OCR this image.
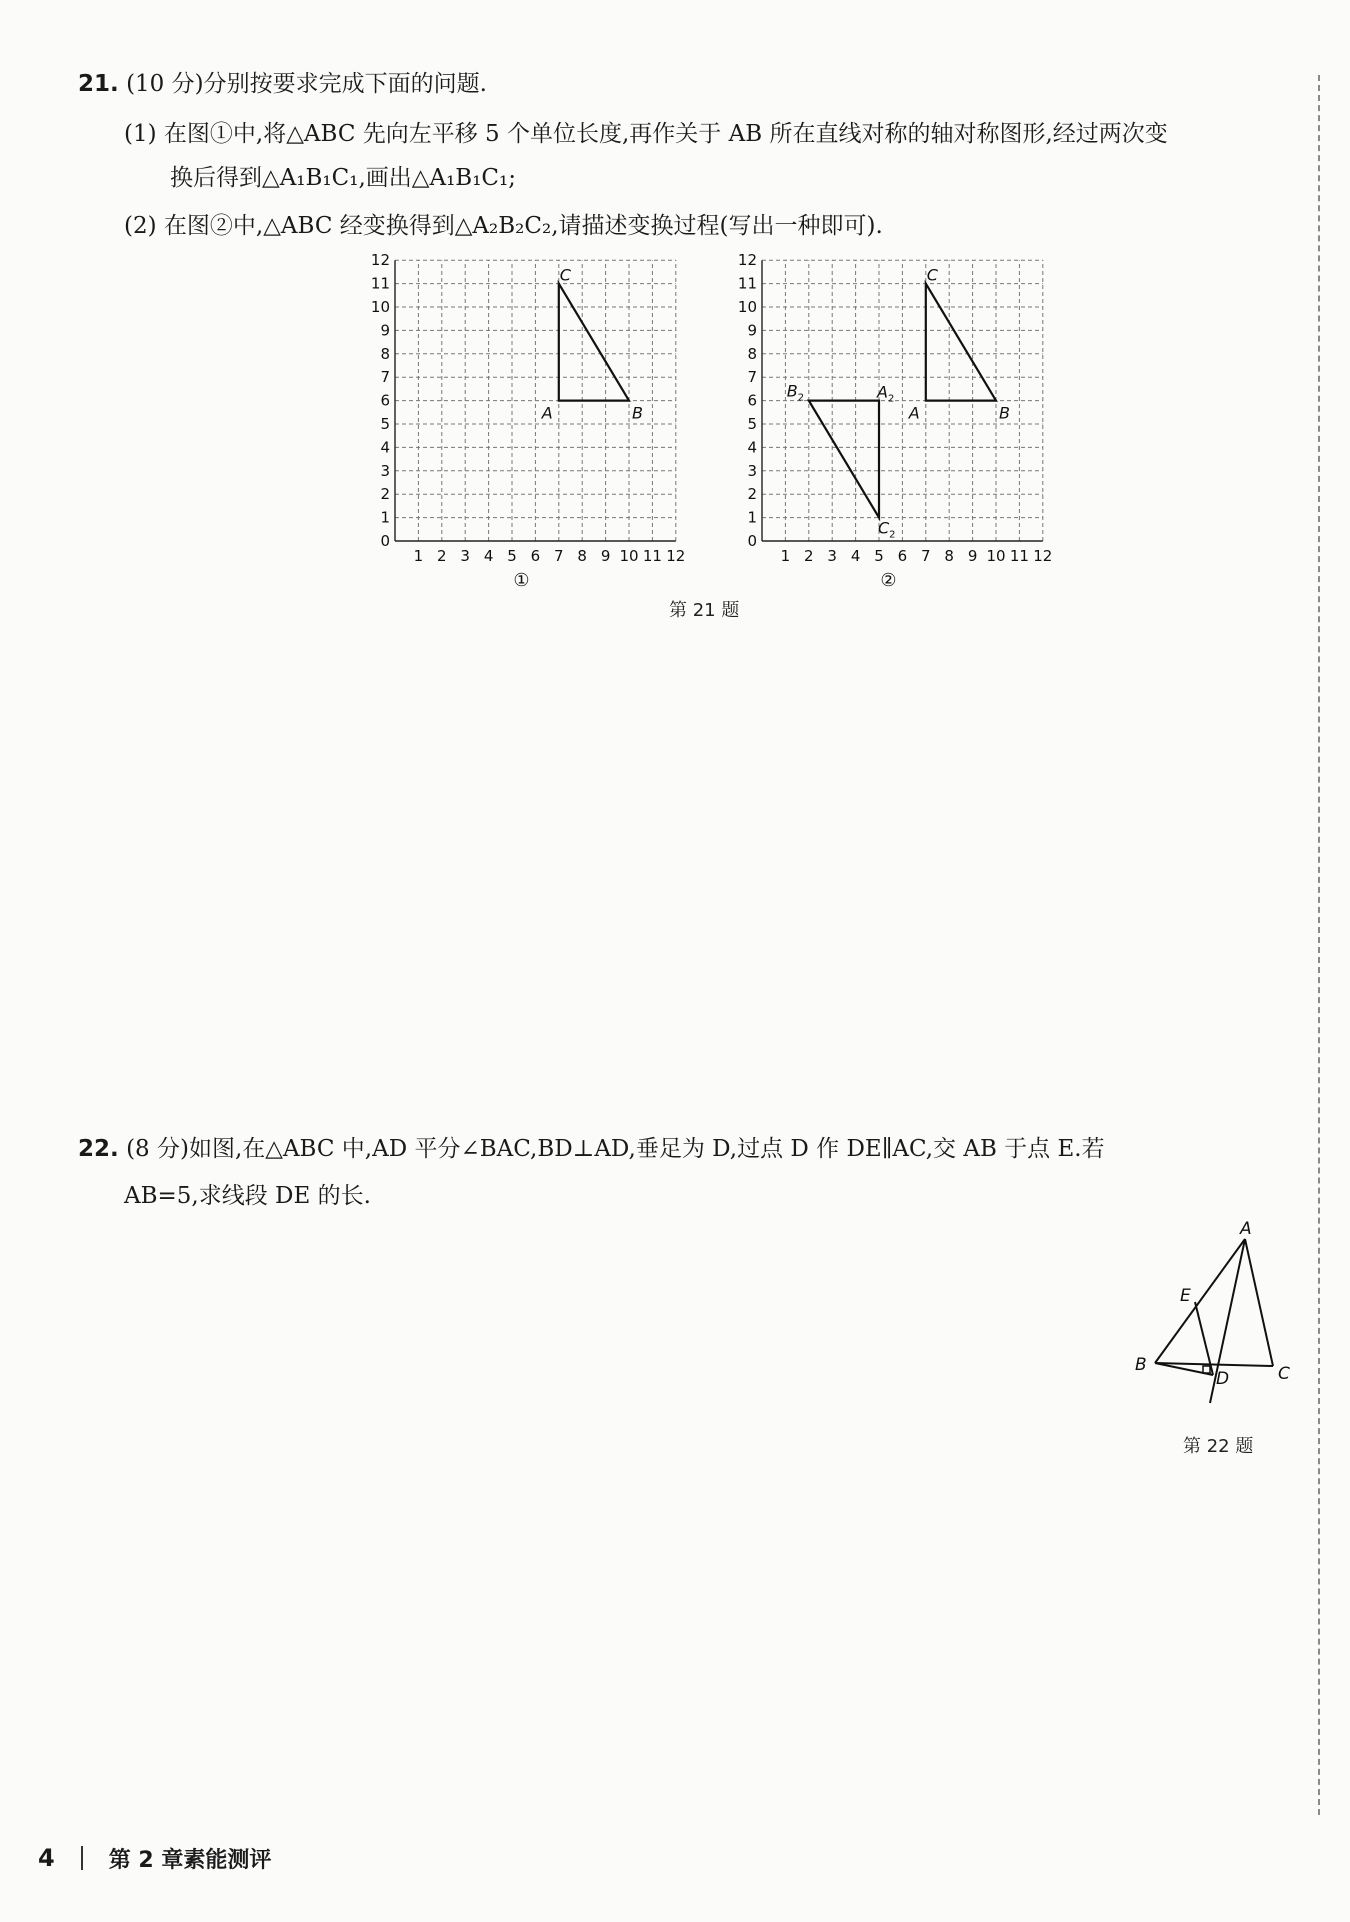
21. (10 分)分别按要求完成下面的问题.
(1) 在图①中,将△ABC 先向左平移 5 个单位长度,再作关于 AB 所在直线对称的轴对称图形,经过两次变
换后得到△A₁B₁C₁,画出△A₁B₁C₁;
(2) 在图②中,△ABC 经变换得到△A₂B₂C₂,请描述变换过程(写出一种即可).
1 2 3 4 5 6 7 8 9 10 11 12
0
1
2
3
4
5
6
7
8
9
10
11
12
A	B
C
①
1 2 3 4 5 6 7 8 9 10 11 12
0
1
2
3
4
5
6
7
8
9
10
11
12
A	B
C
②
$A_2$
$B_2$
$C_2$
第 21 题
22. (8 分)如图,在△ABC 中,AD 平分∠BAC,BD⊥AD,垂足为 D,过点 D 作 DE∥AC,交 AB 于点 E.若
AB=5,求线段 DE 的长.
A
E
B
D	C
第 22 题
4 第 2 章素能测评
